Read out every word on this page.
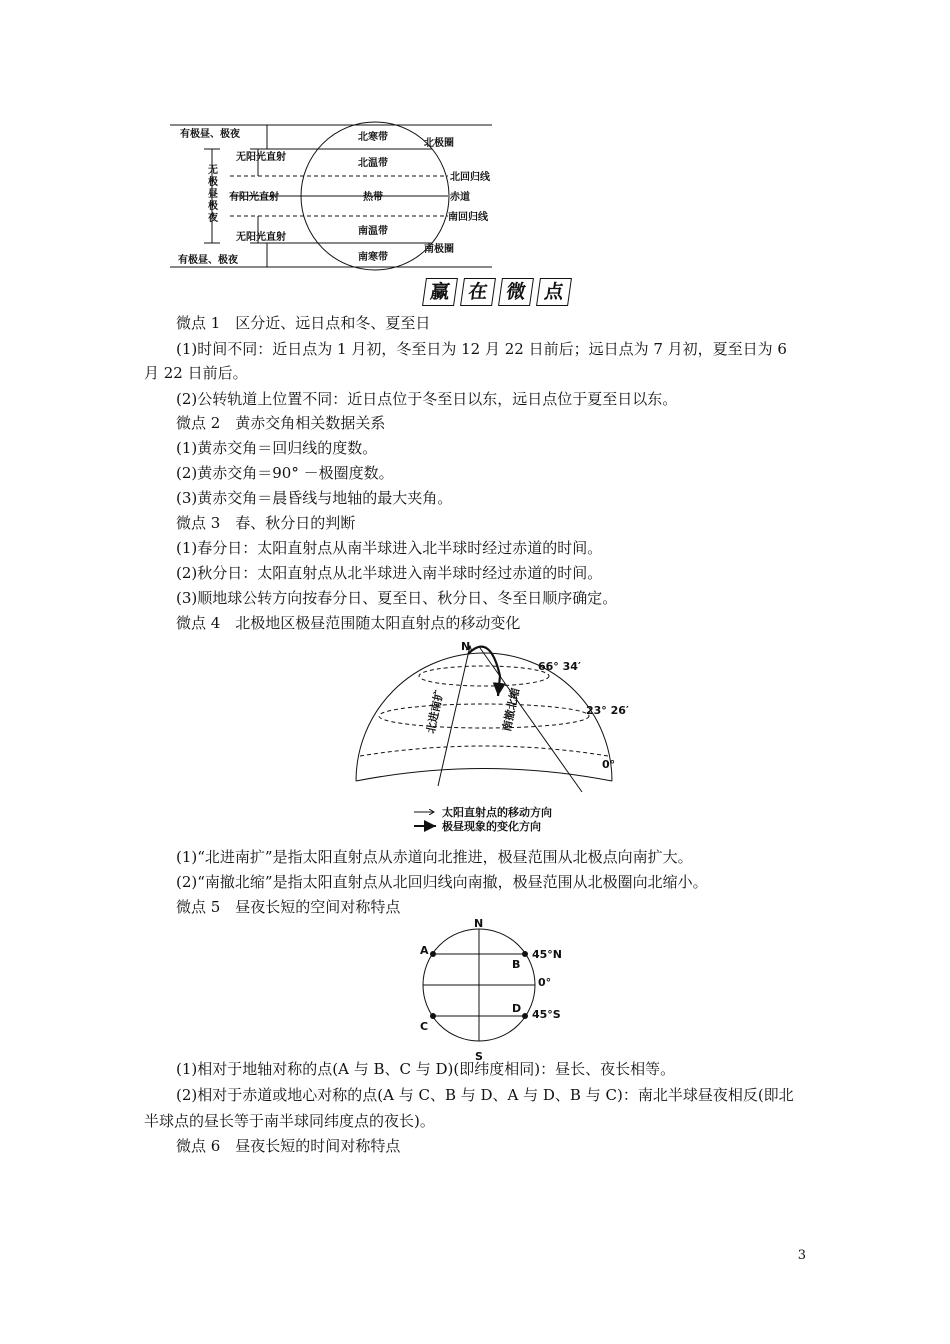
有极昼、极夜
无阳光直射
有阳光直射
无阳光直射
有极昼、极夜
无
极
昼
极
夜
北寒带
北温带
热带
南温带
南寒带
北极圈
北回归线
赤道
南回归线
南极圈
赢 在 微 点
微点 1　区分近、远日点和冬、夏至日
(1)时间不同：近日点为 1 月初，冬至日为 12 月 22 日前后；远日点为 7 月初，夏至日为 6
月 22 日前后。
(2)公转轨道上位置不同：近日点位于冬至日以东，远日点位于夏至日以东。
微点 2　黄赤交角相关数据关系
(1)黄赤交角＝回归线的度数。
(2)黄赤交角＝90° －极圈度数。
(3)黄赤交角＝晨昏线与地轴的最大夹角。
微点 3　春、秋分日的判断
(1)春分日：太阳直射点从南半球进入北半球时经过赤道的时间。
(2)秋分日：太阳直射点从北半球进入南半球时经过赤道的时间。
(3)顺地球公转方向按春分日、夏至日、秋分日、冬至日顺序确定。
微点 4　北极地区极昼范围随太阳直射点的移动变化
N
66° 34′
23° 26′
0°
北进南扩	南撤北缩
太阳直射点的移动方向
极昼现象的变化方向
(1)“北进南扩”是指太阳直射点从赤道向北推进，极昼范围从北极点向南扩大。
(2)“南撤北缩”是指太阳直射点从北回归线向南撤，极昼范围从北极圈向北缩小。
微点 5　昼夜长短的空间对称特点
N
S
A
B
C
D
45°N
0°
45°S
(1)相对于地轴对称的点(A 与 B、C 与 D)(即纬度相同)：昼长、夜长相等。
(2)相对于赤道或地心对称的点(A 与 C、B 与 D、A 与 D、B 与 C)：南北半球昼夜相反(即北
半球点的昼长等于南半球同纬度点的夜长)。
微点 6　昼夜长短的时间对称特点
3
